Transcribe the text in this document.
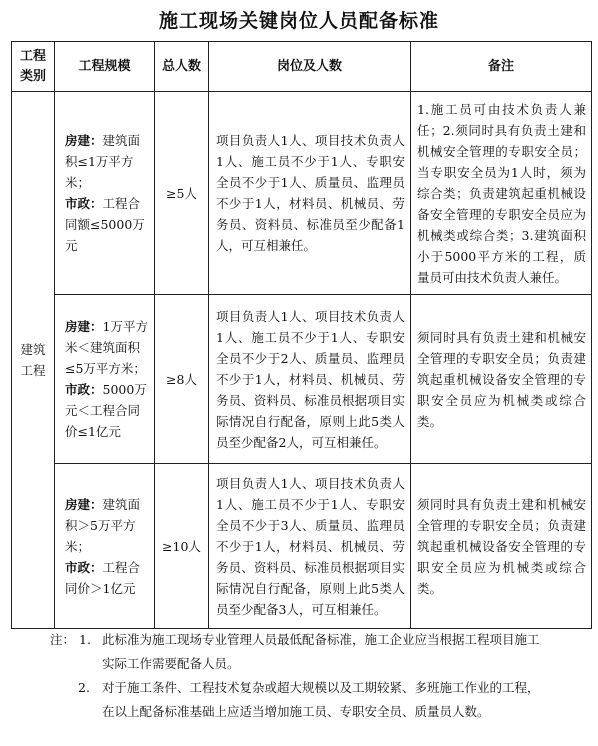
施工现场关键岗位人员配备标准
工程类别	工程规模	总人数	岗位及人数	备注

建筑工程	房建：建筑面积≤1万平方米；
市政：工程合同额≤5000万元	≥5人	项目负责人1人、项目技术负责人1人、施工员不少于1人、专职安全员不少于1人、质量员、监理员不少于1人，材料员、机械员、劳务员、资料员、标准员至少配备1人，可互相兼任。	1.施工员可由技术负责人兼任；2.须同时具有负责土建和机械安全管理的专职安全员；当专职安全员为1人时，须为综合类；负责建筑起重机械设备安全管理的专职安全员应为机械类或综合类；3.建筑面积小于5000平方米的工程，质量员可由技术负责人兼任。

	房建：1万平方米＜建筑面积≤5万平方米；
市政：5000万元＜工程合同价≤1亿元	≥8人	项目负责人1人、项目技术负责人1人、施工员不少于1人、专职安全员不少于2人、质量员、监理员不少于1人，材料员、机械员、劳务员、资料员、标准员根据项目实际情况自行配备，原则上此5类人员至少配备2人，可互相兼任。	须同时具有负责土建和机械安全管理的专职安全员；负责建筑起重机械设备安全管理的专职安全员应为机械类或综合类。

	房建：建筑面积＞5万平方米；
市政：工程合同价＞1亿元	≥10人	项目负责人1人、项目技术负责人1人、施工员不少于1人、专职安全员不少于3人、质量员、监理员不少于1人，材料员、机械员、劳务员、资料员、标准员根据项目实际情况自行配备，原则上此5类人员至少配备3人，可互相兼任。	须同时具有负责土建和机械安全管理的专职安全员；负责建筑起重机械设备安全管理的专职安全员应为机械类或综合类。
注： 1. 此标准为施工现场专业管理人员最低配备标准，施工企业应当根据工程项目施工实际工作需要配备人员。
2. 对于施工条件、工程技术复杂或超大规模以及工期较紧、多班施工作业的工程，在以上配备标准基础上应适当增加施工员、专职安全员、质量员人数。
